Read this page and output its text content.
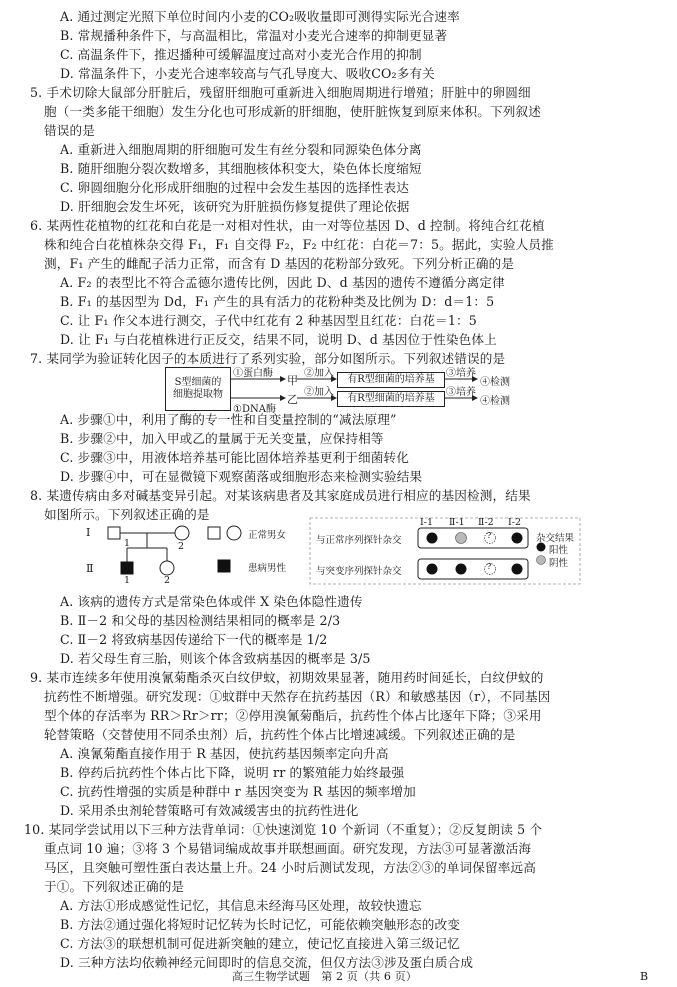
A. 通过测定光照下单位时间内小麦的CO₂吸收量即可测得实际光合速率
B. 常规播种条件下，与高温相比，常温对小麦光合速率的抑制更显著
C. 高温条件下，推迟播种可缓解温度过高对小麦光合作用的抑制
D. 常温条件下，小麦光合速率较高与气孔导度大、吸收CO₂多有关
5. 手术切除大鼠部分肝脏后，残留肝细胞可重新进入细胞周期进行增殖；肝脏中的卵圆细
胞（一类多能干细胞）发生分化也可形成新的肝细胞，使肝脏恢复到原来体积。下列叙述
错误的是
A. 重新进入细胞周期的肝细胞可发生有丝分裂和同源染色体分离
B. 随肝细胞分裂次数增多，其细胞核体积变大，染色体长度缩短
C. 卵圆细胞分化形成肝细胞的过程中会发生基因的选择性表达
D. 肝细胞会发生坏死，该研究为肝脏损伤修复提供了理论依据
6. 某两性花植物的红花和白花是一对相对性状，由一对等位基因 D、d 控制。将纯合红花植
株和纯合白花植株杂交得 F₁，F₁ 自交得 F₂，F₂ 中红花：白花＝7：5。据此，实验人员推
测，F₁ 产生的雌配子活力正常，而含有 D 基因的花粉部分致死。下列分析正确的是
A. F₂ 的表型比不符合孟德尔遗传比例，因此 D、d 基因的遗传不遵循分离定律
B. F₁ 的基因型为 Dd，F₁ 产生的具有活力的花粉种类及比例为 D：d＝1：5
C. 让 F₁ 作父本进行测交，子代中红花有 2 种基因型且红花：白花＝1：5
D. 让 F₁ 与白花植株进行正反交，结果不同，说明 D、d 基因位于性染色体上
7. 某同学为验证转化因子的本质进行了系列实验，部分如图所示。下列叙述错误的是
S型细菌的细胞提取物
①蛋白酶
①DNA酶
甲
乙
②加入
②加入
有R型细菌的培养基
有R型细菌的培养基
③培养
③培养
④检测
④检测
A. 步骤①中，利用了酶的专一性和自变量控制的“减法原理”
B. 步骤②中，加入甲或乙的量属于无关变量，应保持相等
C. 步骤③中，用液体培养基可能比固体培养基更利于细菌转化
D. 步骤④中，可在显微镜下观察菌落或细胞形态来检测实验结果
8. 某遗传病由多对碱基变异引起。对某该病患者及其家庭成员进行相应的基因检测，结果
如图所示。下列叙述正确的是
Ⅰ
Ⅱ
1	2
1	2
正常男女
患病男性
Ⅰ-1 Ⅱ-1 Ⅱ-2 Ⅰ-2
与正常序列探针杂交
与突变序列探针杂交
?
?
杂交结果
阳性
阴性
A. 该病的遗传方式是常染色体或伴 X 染色体隐性遗传
B. Ⅱ－2 和父母的基因检测结果相同的概率是 2/3
C. Ⅱ－2 将致病基因传递给下一代的概率是 1/2
D. 若父母生育三胎，则该个体含致病基因的概率是 3/5
9. 某市连续多年使用溴氰菊酯杀灭白纹伊蚊，初期效果显著，随用药时间延长，白纹伊蚊的
抗药性不断增强。研究发现：①蚊群中天然存在抗药基因（R）和敏感基因（r），不同基因
型个体的存活率为 RR＞Rr＞rr；②停用溴氰菊酯后，抗药性个体占比逐年下降；③采用
轮替策略（交替使用不同杀虫剂）后，抗药性个体占比增速减缓。下列叙述正确的是
A. 溴氰菊酯直接作用于 R 基因，使抗药基因频率定向升高
B. 停药后抗药性个体占比下降，说明 rr 的繁殖能力始终最强
C. 抗药性增强的实质是种群中 r 基因突变为 R 基因的频率增加
D. 采用杀虫剂轮替策略可有效减缓害虫的抗药性进化
10. 某同学尝试用以下三种方法背单词：①快速浏览 10 个新词（不重复）；②反复朗读 5 个
重点词 10 遍；③将 3 个易错词编成故事并联想画面。研究发现，方法③可显著激活海
马区，且突触可塑性蛋白表达量上升。24 小时后测试发现，方法②③的单词保留率远高
于①。下列叙述正确的是
A. 方法①形成感觉性记忆，其信息未经海马区处理，故较快遗忘
B. 方法②通过强化将短时记忆转为长时记忆，可能依赖突触形态的改变
C. 方法③的联想机制可促进新突触的建立，使记忆直接进入第三级记忆
D. 三种方法均依赖神经元间即时的信息交流，但仅方法③涉及蛋白质合成
高三生物学试题　第 2 页（共 6 页）	B
